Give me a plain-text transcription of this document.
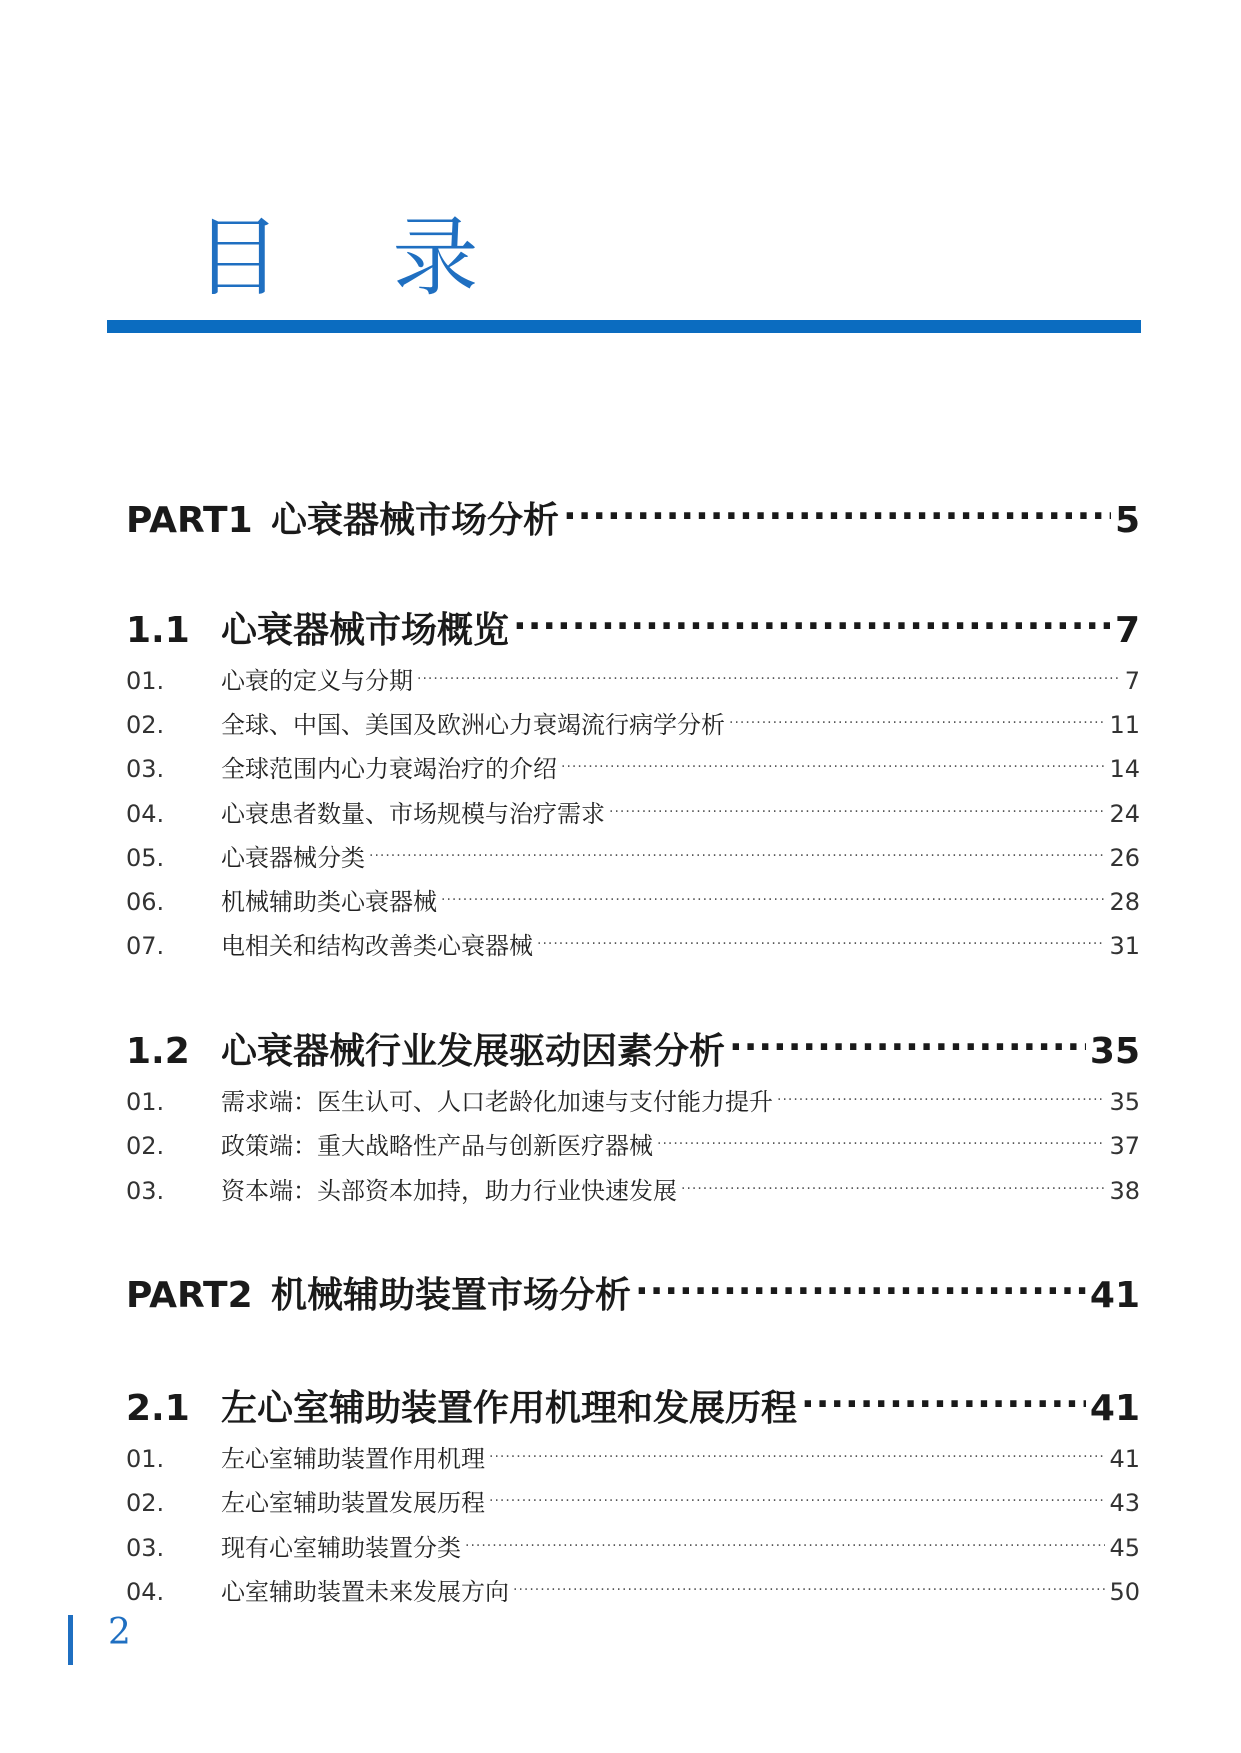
目 录
PART1 心衰器械市场分析 .....	5
1.1 心衰器械市场概览 .....	7
01.	心衰的定义与分期 .....	7
02.	全球、中国、美国及欧洲心力衰竭流行病学分析 .....	11
03.	全球范围内心力衰竭治疗的介绍 .....	14
04.	心衰患者数量、市场规模与治疗需求 .....	24
05.	心衰器械分类 .....	26
06.	机械辅助类心衰器械 .....	28
07.	电相关和结构改善类心衰器械 .....	31
1.2 心衰器械行业发展驱动因素分析 .....	35
01.	需求端：医生认可、人口老龄化加速与支付能力提升 .....	35
02.	政策端：重大战略性产品与创新医疗器械 .....	37
03.	资本端：头部资本加持，助力行业快速发展 .....	38
PART2 机械辅助装置市场分析 .....	41
2.1 左心室辅助装置作用机理和发展历程 .....	41
01.	左心室辅助装置作用机理 .....	41
02.	左心室辅助装置发展历程 .....	43
03.	现有心室辅助装置分类 .....	45
04.	心室辅助装置未来发展方向 .....	50
2
